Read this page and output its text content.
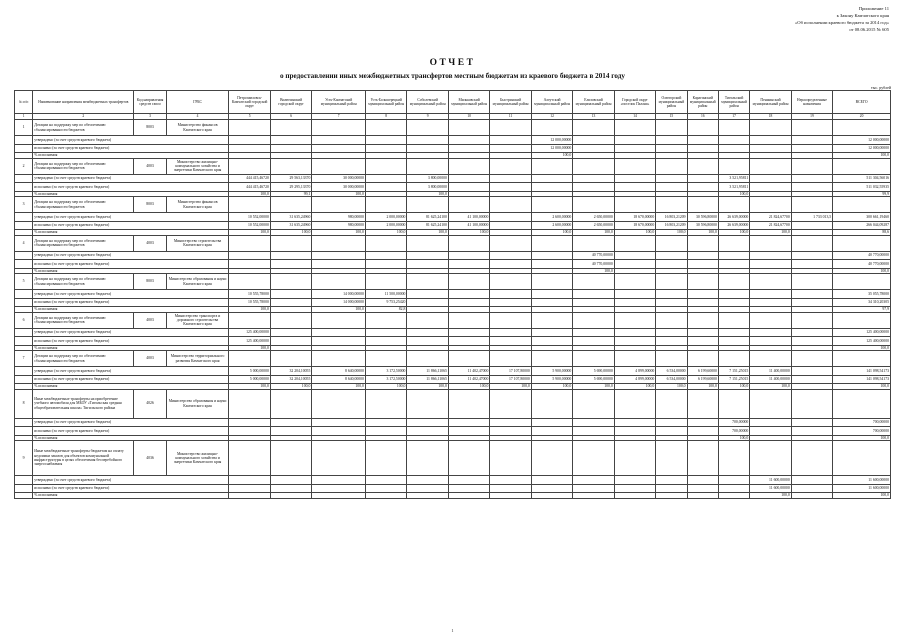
Приложение 11
к Закону Камчатского края
«Об исполнении краевого бюджета за 2014 год»
от 08.06.2015 № 605
ОТЧЕТ
о предоставлении иных межбюджетных трансфертов местным бюджетам из краевого бюджета в 2014 году
тыс. рублей
№ п/п	Наименование направления межбюджетных трансфертов	Код направления средств гапоо	ГРБС	Петропавловск-Камчатский городской округ	Вилючинский городской округ	Усть-Камчатский муниципальный район	Усть-Большерецкий муниципальный район	Соболевский муниципальный район	Мильковский муниципальный район	Быстринский муниципальный район	Алеутский муниципальный район	Елизовский муниципальный район	Городской округ «поселок Палана»	Олюторский муниципальный район	Карагинский муниципальный район	Тигильский муниципальный район	Пенжинский муниципальный район	Нераспределенные назначения	ВСЕГО
1	2	3	4	5	6	7	8	9	10	11	12	13	14	15	16	17	18	19	20
1	Дотации на поддержку мер по обеспечению сбалансированности бюджетов	8003	Министерство финансов Камчатского края																
	утверждено (за счет средств краевого бюджета)										12 000,00000								12 000,00000
	исполнено (за счет средств краевого бюджета)										12 000,00000								12 000,00000
	% исполнения										100,0								100,0
2	Дотации на поддержку мер по обеспечению сбалансированности бюджетов	4003	Министерство жилищно-коммунального хозяйства и энергетики Камчатского края																
	утверждено (за счет средств краевого бюджета)			444 415,46720	29 563,13370	30 000,00000		3 800,00000								3 521,95811			511 304,56016
	исполнено (за счет средств краевого бюджета)			444 415,46720	29 295,13370	30 000,00000		3 800,00000								3 521,95811			511 032,55935
	% исполнения			100,0	99,1	100,0		100,0								100,0			99,9
3	Дотации на поддержку мер по обеспечению сбалансированности бюджетов	8003	Министерство финансов Камчатского края																
	утверждено (за счет средств краевого бюджета)			10 552,00000	31 635,24960	980,00000	2 000,00000	81 625,24100	41 100,00000		2 600,00000	2 650,00000	18 670,00000	16 803,21209	30 596,80000	26 639,00000	21 824,67700	1 733 013,5	300 661,19460
	исполнено (за счет средств краевого бюджета)			10 552,00000	31 635,24960	980,00000	2 000,00000	81 625,24100	41 100,00000		2 600,00000	2 650,00000	18 670,00000	16 803,21209	30 596,80000	26 639,00000	21 824,67700		266 044,09287
	% исполнения			100,0	100,0	100,0	100,0	100,0	100,0		100,0	100,0	100,0	100,0	100,0	100,0	100,0		88,6
4	Дотации на поддержку мер по обеспечению сбалансированности бюджетов	4003	Министерство строительства Камчатского края																
	утверждено (за счет средств краевого бюджета)											40 770,00000							40 770,00000
	исполнено (за счет средств краевого бюджета)											40 770,00000							40 770,00000
	% исполнения											100,0							100,0
5	Дотации на поддержку мер по обеспечению сбалансированности бюджетов	8003	Министерство образования и науки Камчатского края																
	утверждено (за счет средств краевого бюджета)			10 555,78000		14 000,00000	11 500,00000												35 055,78000
	исполнено (за счет средств краевого бюджета)			10 555,78000		14 000,00000	9 753,25420												34 310,20305
	% исполнения			100,0		100,0	82,8												97,9
6	Дотации на поддержку мер по обеспечению сбалансированности бюджетов	4003	Министерство транспорта и дорожного строительства Камчатского края																
	утверждено (за счет средств краевого бюджета)			125 400,00000															125 400,00000
	исполнено (за счет средств краевого бюджета)			125 400,00000															125 400,00000
	% исполнения			100,0															100,0
7	Дотации на поддержку мер по обеспечению сбалансированности бюджетов	4003	Министерство территориального развития Камчатского края																
	утверждено (за счет средств краевого бюджета)			5 000,00000	32 204,10055	8 640,00000	3 172,50000	11 866,11065	11 402,47000	17 107,80000	5 900,00000	5 690,00000	4 899,00000	6 534,00000	6 199,60000	7 151,25015	11 400,00000		141 098,54173
	исполнено (за счет средств краевого бюджета)			5 000,00000	32 204,10055	8 640,00000	3 172,50000	11 866,11065	11 402,47000	17 107,80000	5 900,00000	5 690,00000	4 899,00000	6 534,00000	6 199,60000	7 151,25015	11 400,00000		141 098,54173
	% исполнения			100,0	100,0	100,0	100,0	100,0	100,0	100,0	100,0	100,0	100,0	100,0	100,0	100,0	100,0		100,0
8	Иные межбюджетные трансферты на приобретение учебного автомобиля для МБОУ «Тигильская средняя общеобразовательная школа» Тигильского района	4026	Министерство образования и науки Камчатского края																
	утверждено (за счет средств краевого бюджета)															700,00000			700,00000
	исполнено (за счет средств краевого бюджета)															700,00000			700,00000
	% исполнения															100,0			100,0
9	Иные межбюджетные трансферты бюджетам на оплату недоимки заказов для объектов коммунальной инфраструктуры в целях обеспечения бесперебойного энергоснабжения	4036	Министерство жилищно-коммунального хозяйства и энергетики Камчатского края																
	утверждено (за счет средств краевого бюджета)																11 600,00000		11 600,00000
	исполнено (за счет средств краевого бюджета)																11 600,00000		11 600,00000
	% исполнения																100,0		100,0
1
